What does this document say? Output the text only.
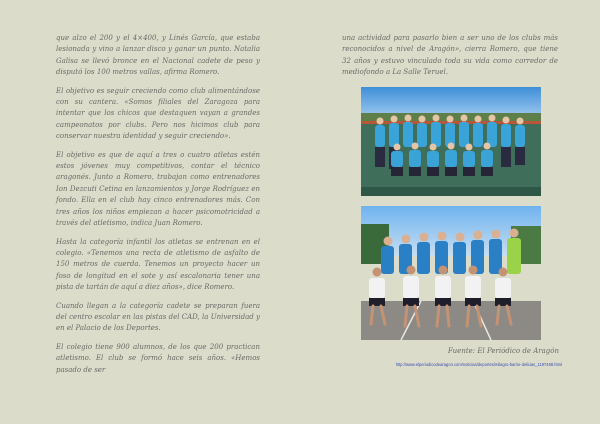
que alzo el 200 y el 4×400, y Linés García, que estaba lesionada y vino a lanzar disco y ganar un punto. Natalia Galisa se llevó bronce en el Nacional cadete de peso y disputó los 100 metros vallas, afirma Romero.

El objetivo es seguir creciendo como club alimentándose con su cantera. «Somos filiales del Zaragoza para intentar que los chicos que destaquen vayan a grandes campeonatos por clubs. Pero nos hicimos club para conservar nuestra identidad y seguir creciendo».

El objetivo es que de aquí a tres o cuatro atletas estén estos jóvenes muy competitivos, contar el técnico aragonés. Junto a Romero, trabajan como entrenadores Ion Dezcuti Cetina en lanzamientos y Jorge Rodríguez en fondo. Ella en el club hay cinco entrenadores más. Con tres años los niños empiezan a hacer psicomotricidad a través del atletismo, indica Juan Romero.

Hasta la categoría infantil los atletas se entrenan en el colegio. «Tenemos una recta de atletismo de asfalto de 150 metros de cuerda. Tenemos un proyecto hacer un foso de longitud en el sote y así escalonaria tener una pista de tartán de aquí a diez años», dice Romero.

Cuando llegan a la categoría cadete se preparan fuera del centro escolar en las pistas del CAD, la Universidad y en el Palacio de los Deportes.

El colegio tiene 900 alumnos, de los que 200 practican atletismo. El club se formó hace seis años. «Hemos pasado de ser

una actividad para pasarlo bien a ser uno de los clubs más reconocidos a nivel de Aragón», cierra Romero, que tiene 32 años y estuvo vinculado toda su vida como corredor de mediofondo a La Salle Teruel.

Fuente: El Periódico de Aragón
http://www.elperiodicodearagon.com/noticias/deportes/milagro-barrio-delicias_1197488.html
